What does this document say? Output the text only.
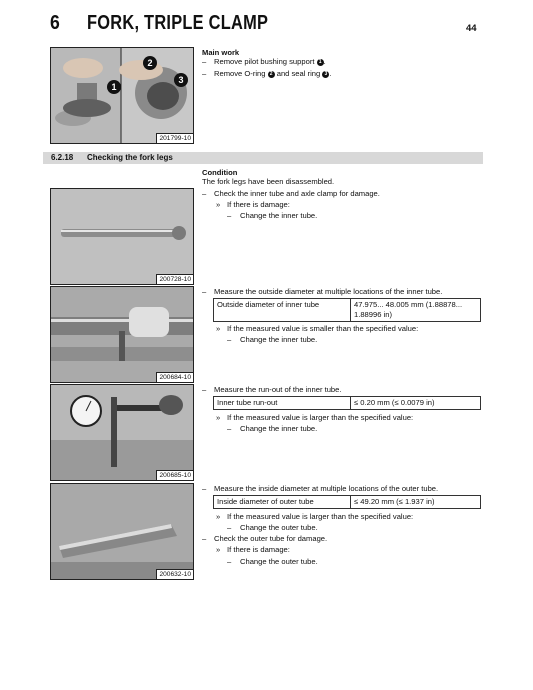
6 FORK, TRIPLE CLAMP	44
1
2
3
201799-10
Main work
– Remove pilot bushing support 1 .
– Remove O-ring 2 and seal ring 3 .
6.2.18 Checking the fork legs
Condition
The fork legs have been disassembled.
200728-10
– Check the inner tube and axle clamp for damage.
» If there is damage:
– Change the inner tube.
200684-10
– Measure the outside diameter at multiple locations of the inner tube.
Outside diameter of inner tube	47.975... 48.005 mm (1.88878... 1.88996 in)
» If the measured value is smaller than the specified value:
– Change the inner tube.
200685-10
– Measure the run-out of the inner tube.
Inner tube run-out	≤ 0.20 mm (≤ 0.0079 in)
» If the measured value is larger than the specified value:
– Change the inner tube.
200632-10
– Measure the inside diameter at multiple locations of the outer tube.
Inside diameter of outer tube	≤ 49.20 mm (≤ 1.937 in)
» If the measured value is larger than the specified value:
– Change the outer tube.
– Check the outer tube for damage.
» If there is damage:
– Change the outer tube.
